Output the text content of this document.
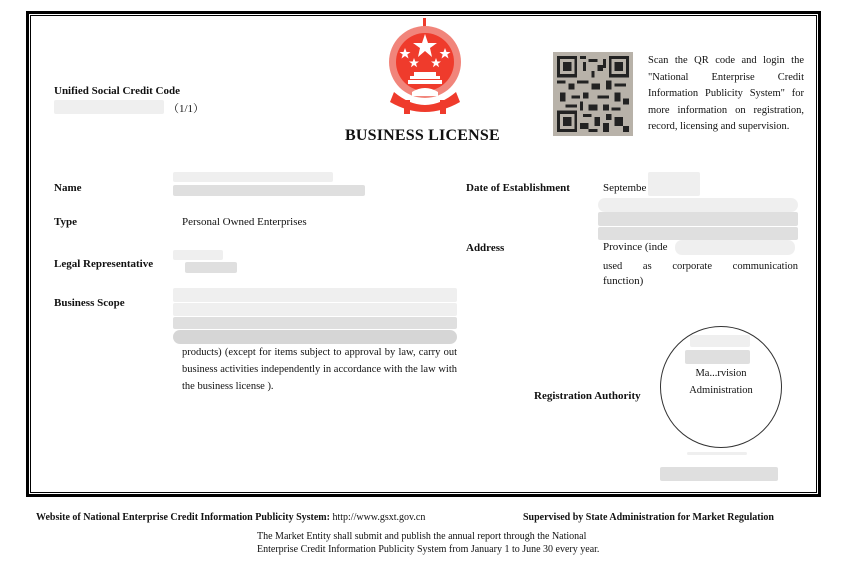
BUSINESS LICENSE
Unified Social Credit Code
（1/1）
Scan the QR code and login the "National Enterprise Credit Information Publicity System" for more information on registration, record, licensing and supervision.
Name
Type	Personal Owned Enterprises
Legal Representative
Business Scope
products) (except for items subject to approval by law, carry out business activities independently in accordance with the law with the business license ).
Date of Establishment	Septembe
Address	Province (inde
used as corporate communication
function)
Registration Authority
Ma...rvision
Administration
Website of National Enterprise Credit Information Publicity System: http://www.gsxt.gov.cn	Supervised by State Administration for Market Regulation
The Market Entity shall submit and publish the annual report through the National
Enterprise Credit Information Publicity System from January 1 to June 30 every year.
